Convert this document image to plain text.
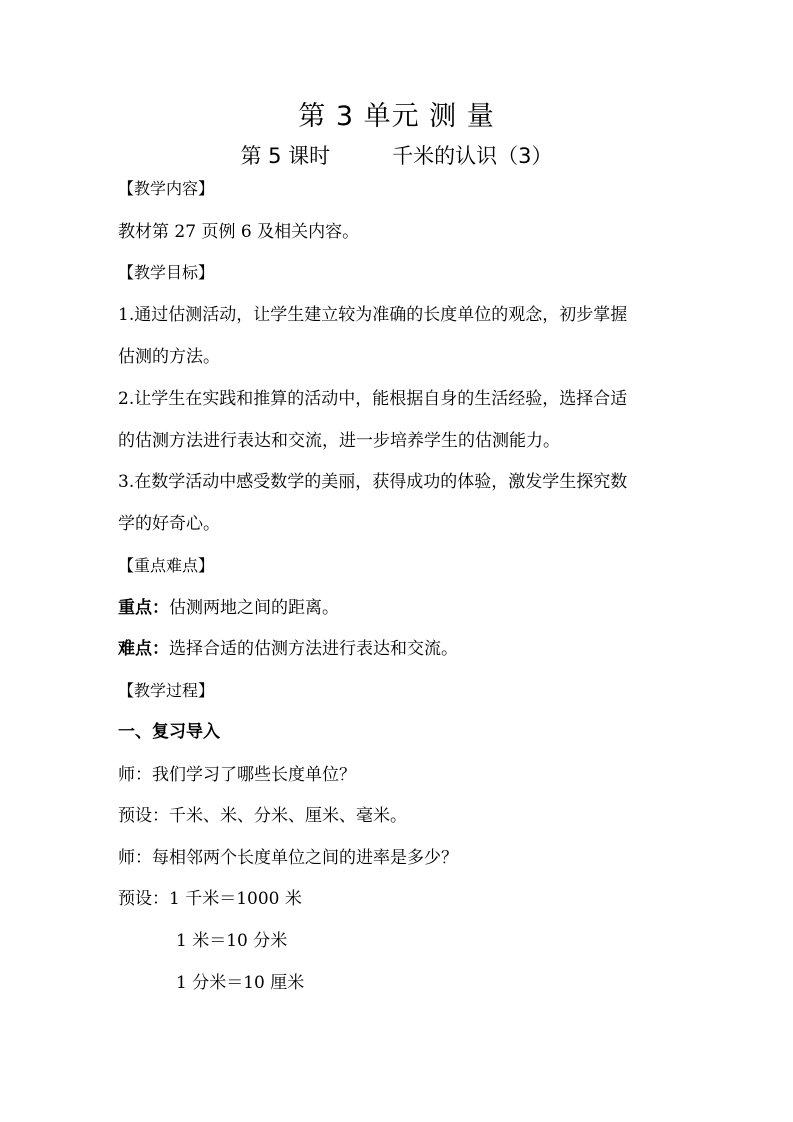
第 3 单元 测 量
第 5 课时	千米的认识（3）
【教学内容】
教材第 27 页例 6 及相关内容。
【教学目标】
1.通过估测活动，让学生建立较为准确的长度单位的观念，初步掌握
估测的方法。
2.让学生在实践和推算的活动中，能根据自身的生活经验，选择合适
的估测方法进行表达和交流，进一步培养学生的估测能力。
3.在数学活动中感受数学的美丽，获得成功的体验，激发学生探究数
学的好奇心。
【重点难点】
重点：估测两地之间的距离。
难点：选择合适的估测方法进行表达和交流。
【教学过程】
一、复习导入
师：我们学习了哪些长度单位？
预设：千米、米、分米、厘米、毫米。
师：每相邻两个长度单位之间的进率是多少？
预设：1 千米＝1000 米
1 米＝10 分米
1 分米＝10 厘米
